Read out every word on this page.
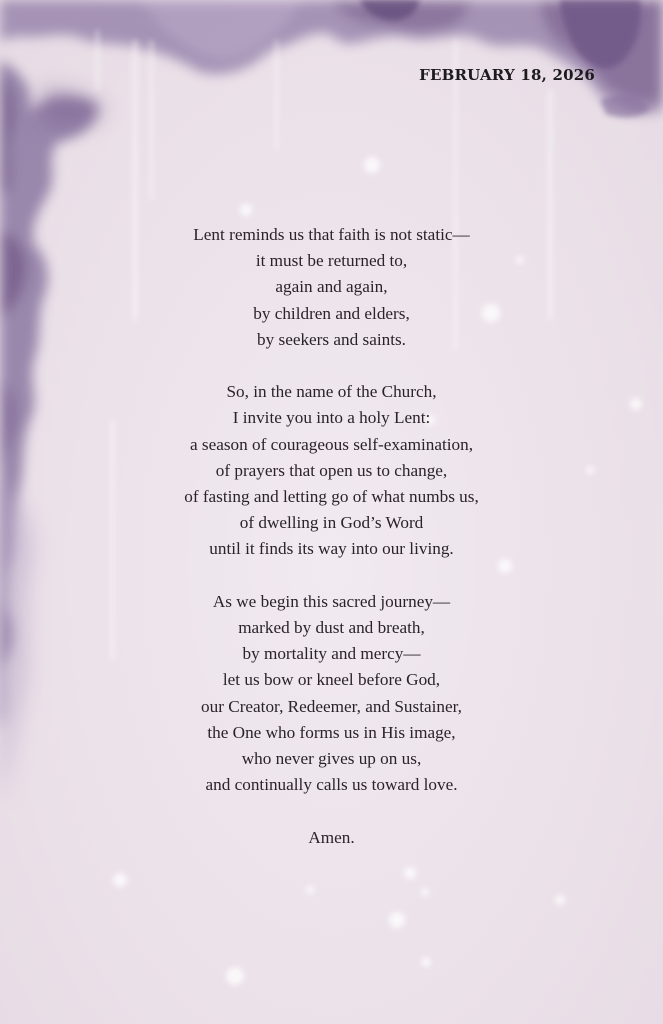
FEBRUARY 18, 2026
Lent reminds us that faith is not static—
it must be returned to,
again and again,
by children and elders,
by seekers and saints.
So, in the name of the Church,
I invite you into a holy Lent:
a season of courageous self-examination,
of prayers that open us to change,
of fasting and letting go of what numbs us,
of dwelling in God’s Word
until it finds its way into our living.
As we begin this sacred journey—
marked by dust and breath,
by mortality and mercy—
let us bow or kneel before God,
our Creator, Redeemer, and Sustainer,
the One who forms us in His image,
who never gives up on us,
and continually calls us toward love.
Amen.
